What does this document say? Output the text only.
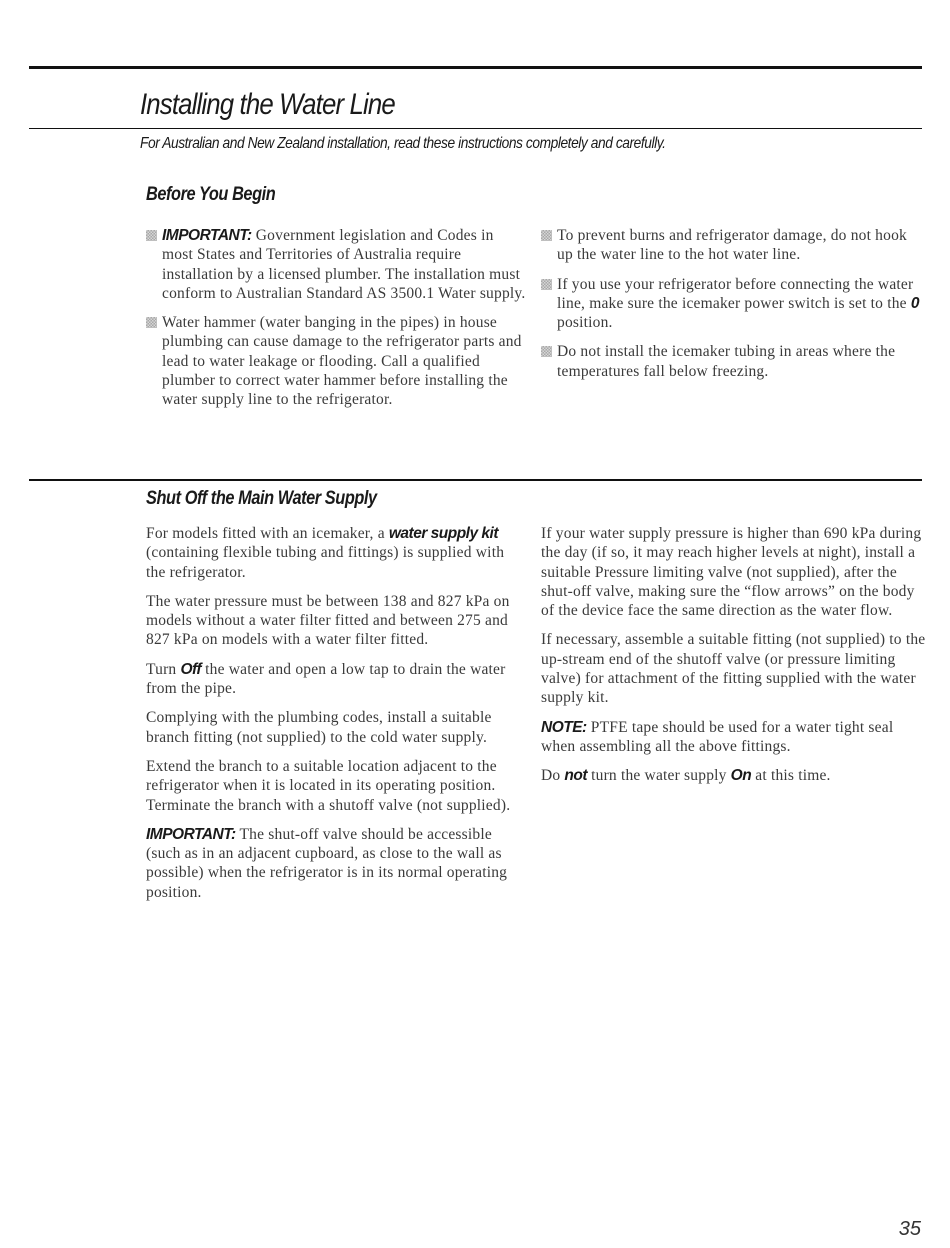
Installing the Water Line

For Australian and New Zealand installation, read these instructions completely and carefully.

Before You Begin
IMPORTANT: Government legislation and Codes in most States and Territories of Australia require installation by a licensed plumber. The installation must conform to Australian Standard AS 3500.1 Water supply.
Water hammer (water banging in the pipes) in house plumbing can cause damage to the refrigerator parts and lead to water leakage or flooding. Call a qualified plumber to correct water hammer before installing the water supply line to the refrigerator.
To prevent burns and refrigerator damage, do not hook up the water line to the hot water line.
If you use your refrigerator before connecting the water line, make sure the icemaker power switch is set to the 0 position.
Do not install the icemaker tubing in areas where the temperatures fall below freezing.
Shut Off the Main Water Supply

For models fitted with an icemaker, a water supply kit (containing flexible tubing and fittings) is supplied with the refrigerator.

The water pressure must be between 138 and 827 kPa on models without a water filter fitted and between 275 and 827 kPa on models with a water filter fitted.

Turn Off the water and open a low tap to drain the water from the pipe.

Complying with the plumbing codes, install a suitable branch fitting (not supplied) to the cold water supply.

Extend the branch to a suitable location adjacent to the refrigerator when it is located in its operating position. Terminate the branch with a shutoff valve (not supplied).

IMPORTANT: The shut-off valve should be accessible (such as in an adjacent cupboard, as close to the wall as possible) when the refrigerator is in its normal operating position.

If your water supply pressure is higher than 690 kPa during the day (if so, it may reach higher levels at night), install a suitable Pressure limiting valve (not supplied), after the shut-off valve, making sure the “flow arrows” on the body of the device face the same direction as the water flow.

If necessary, assemble a suitable fitting (not supplied) to the up-stream end of the shutoff valve (or pressure limiting valve) for attachment of the fitting supplied with the water supply kit.

NOTE: PTFE tape should be used for a water tight seal when assembling all the above fittings.

Do not turn the water supply On at this time.

35
